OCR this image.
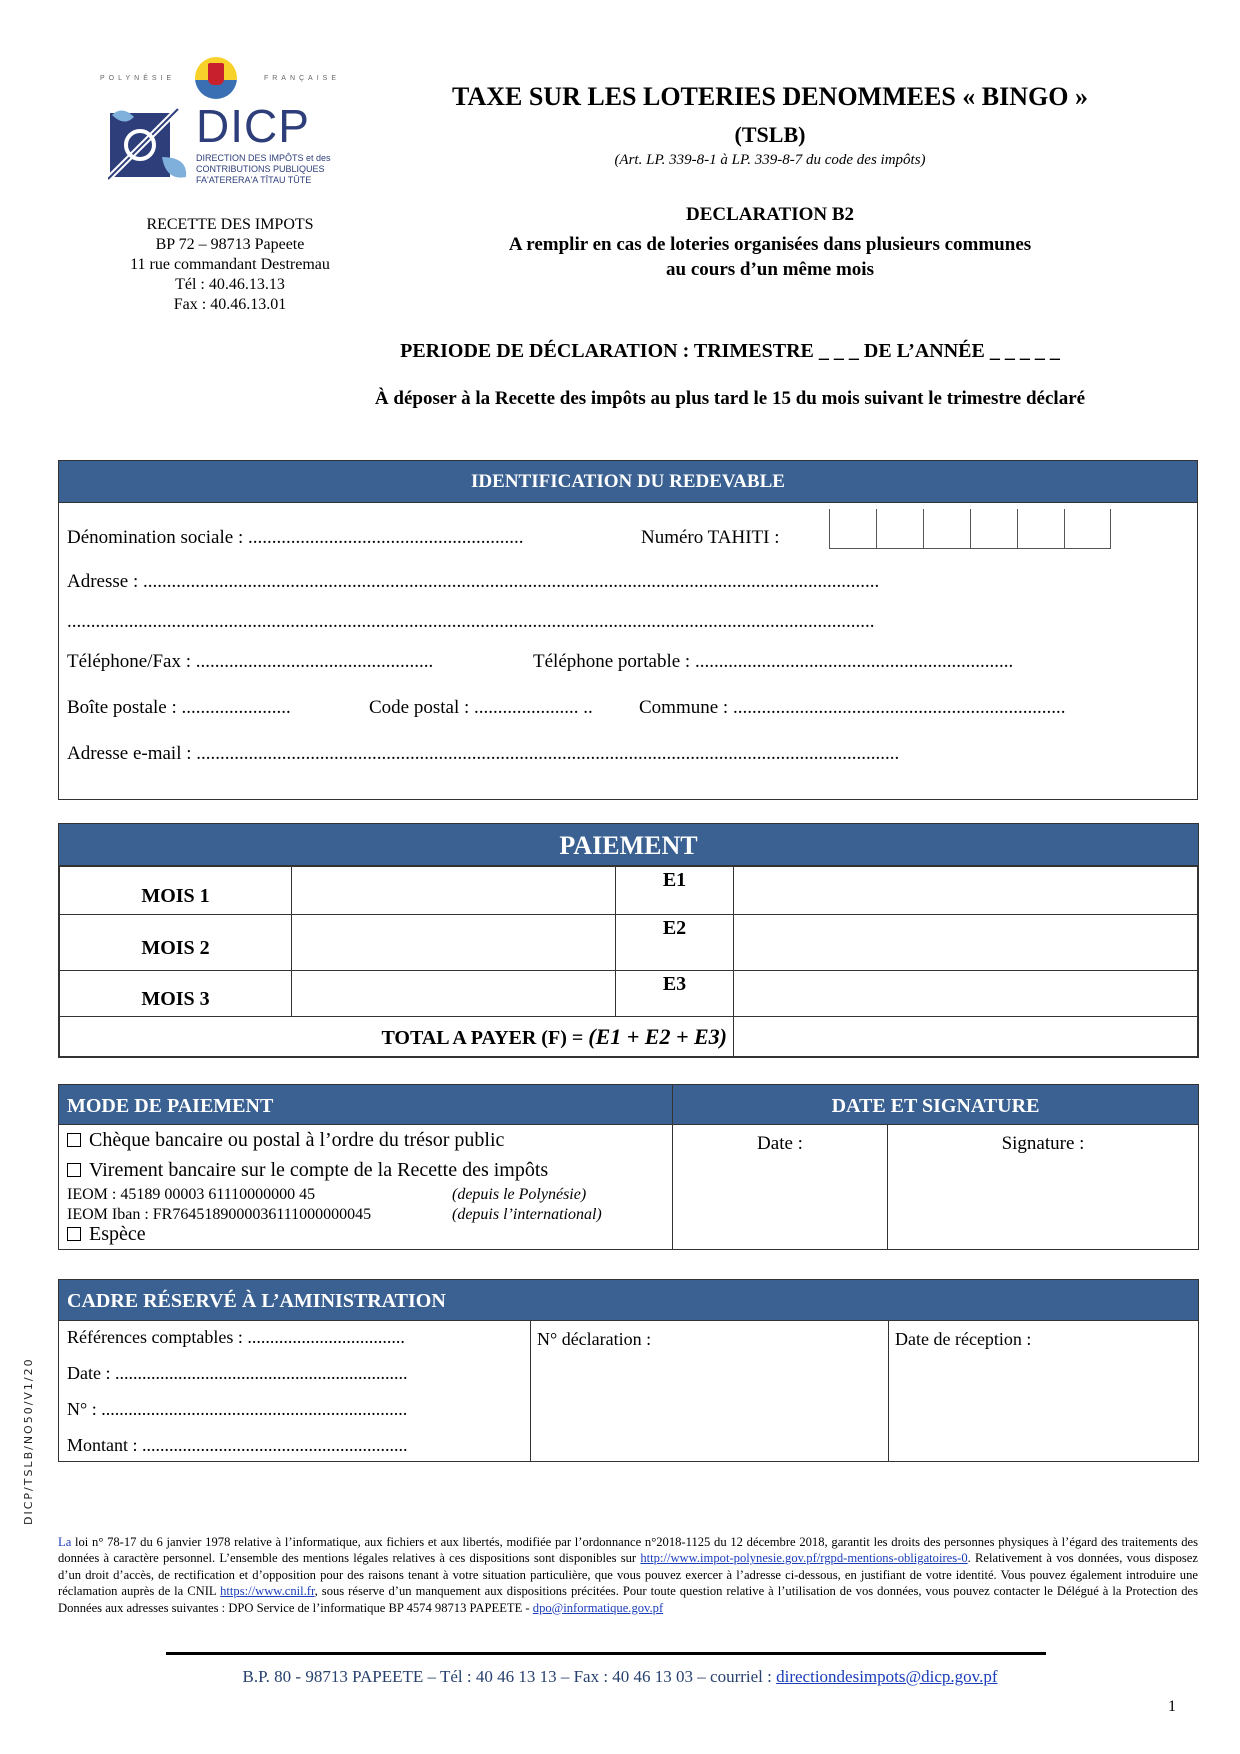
POLYNÉSIE	FRANÇAISE
DICP
DIRECTION DES IMPÔTS et des
CONTRIBUTIONS PUBLIQUES
FA'ATERERA'A TĪTAU TŪTE
RECETTE DES IMPOTS
BP 72 – 98713 Papeete
11 rue commandant Destremau
Tél : 40.46.13.13
Fax : 40.46.13.01
TAXE SUR LES LOTERIES DENOMMEES « BINGO »
(TSLB)
(Art. LP. 339-8-1 à LP. 339-8-7 du code des impôts)
DECLARATION B2
A remplir en cas de loteries organisées dans plusieurs communes
au cours d’un même mois
PERIODE DE DÉCLARATION : TRIMESTRE _ _ _ DE L’ANNÉE _ _ _ _ _
À déposer à la Recette des impôts au plus tard le 15 du mois suivant le trimestre déclaré
IDENTIFICATION DU REDEVABLE
Dénomination sociale : ..........................................................	Numéro TAHITI :
Adresse : ...........................................................................................................................................................
..........................................................................................................................................................................
Téléphone/Fax : ..................................................	Téléphone portable : ...................................................................
Boîte postale : .......................	Code postal : ...................... .. Commune : ......................................................................
Adresse e-mail : ....................................................................................................................................................
PAIEMENT
MOIS 1		E1	
MOIS 2		E2	
MOIS 3		E3	
TOTAL A PAYER (F) = (E1 + E2 + E3)			
MODE DE PAIEMENT
Chèque bancaire ou postal à l’ordre du trésor public
Virement bancaire sur le compte de la Recette des impôts
IEOM : 45189 00003 61110000000 45	(depuis le Polynésie)
IEOM Iban : FR7645189000036111000000045	(depuis l’international)
Espèce
DATE ET SIGNATURE
Date :	Signature :
CADRE RÉSERVÉ À L’AMINISTRATION
Références comptables : ...................................
Date : .................................................................
N° : ....................................................................
Montant : ...........................................................
N° déclaration :	Date de réception :
DICP/TSLB/NO50/V1/20
La loi n° 78-17 du 6 janvier 1978 relative à l’informatique, aux fichiers et aux libertés, modifiée par l’ordonnance n°2018-1125 du 12 décembre 2018, garantit les droits des personnes physiques à l’égard des traitements des données à caractère personnel. L’ensemble des mentions légales relatives à ces dispositions sont disponibles sur http://www.impot-polynesie.gov.pf/rgpd-mentions-obligatoires-0. Relativement à vos données, vous disposez d’un droit d’accès, de rectification et d’opposition pour des raisons tenant à votre situation particulière, que vous pouvez exercer à l’adresse ci-dessous, en justifiant de votre identité. Vous pouvez également introduire une réclamation auprès de la CNIL https://www.cnil.fr, sous réserve d’un manquement aux dispositions précitées. Pour toute question relative à l’utilisation de vos données, vous pouvez contacter le Délégué à la Protection des Données aux adresses suivantes : DPO Service de l’informatique BP 4574 98713 PAPEETE - dpo@informatique.gov.pf
B.P. 80 - 98713 PAPEETE – Tél : 40 46 13 13 – Fax : 40 46 13 03 – courriel : directiondesimpots@dicp.gov.pf
1
